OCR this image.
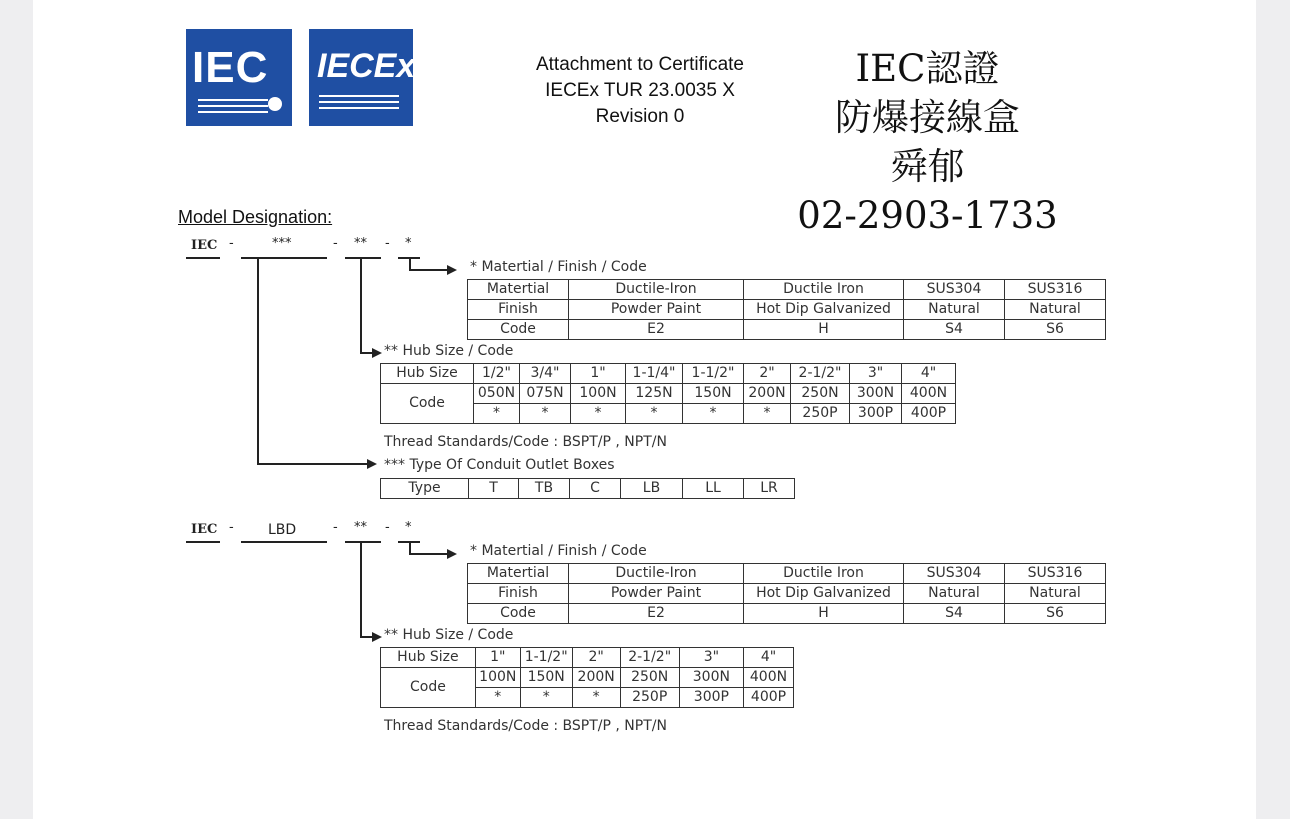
IEC IECEx	Attachment to Certificate
IECEx TUR 23.0035 X
Revision 0
IEC認證
防爆接線盒
舜郁
02-2903-1733
Model Designation:
IEC -	***	- ** - *
* Matertial / Finish / Code
Matertial	Ductile-Iron	Ductile Iron	SUS304	SUS316
Finish	Powder Paint	Hot Dip Galvanized	Natural	Natural
Code	E2	H	S4	S6
** Hub Size / Code
Hub Size	1/2"	3/4"	1"	1-1/4"	1-1/2"	2"	2-1/2"	3"	4"
Code	050N	075N	100N	125N	150N	200N	250N	300N	400N
	*	*	*	*	*	*	250P	300P	400P
Thread Standards/Code : BSPT/P , NPT/N
*** Type Of Conduit Outlet Boxes
Type	T	TB	C	LB	LL	LR
IEC - LBD	- ** - *
* Matertial / Finish / Code
Matertial	Ductile-Iron	Ductile Iron	SUS304	SUS316
Finish	Powder Paint	Hot Dip Galvanized	Natural	Natural
Code	E2	H	S4	S6
** Hub Size / Code
Hub Size	1"	1-1/2"	2"	2-1/2"	3"	4"
Code	100N	150N	200N	250N	300N	400N
	*	*	*	250P	300P	400P
Thread Standards/Code : BSPT/P , NPT/N
